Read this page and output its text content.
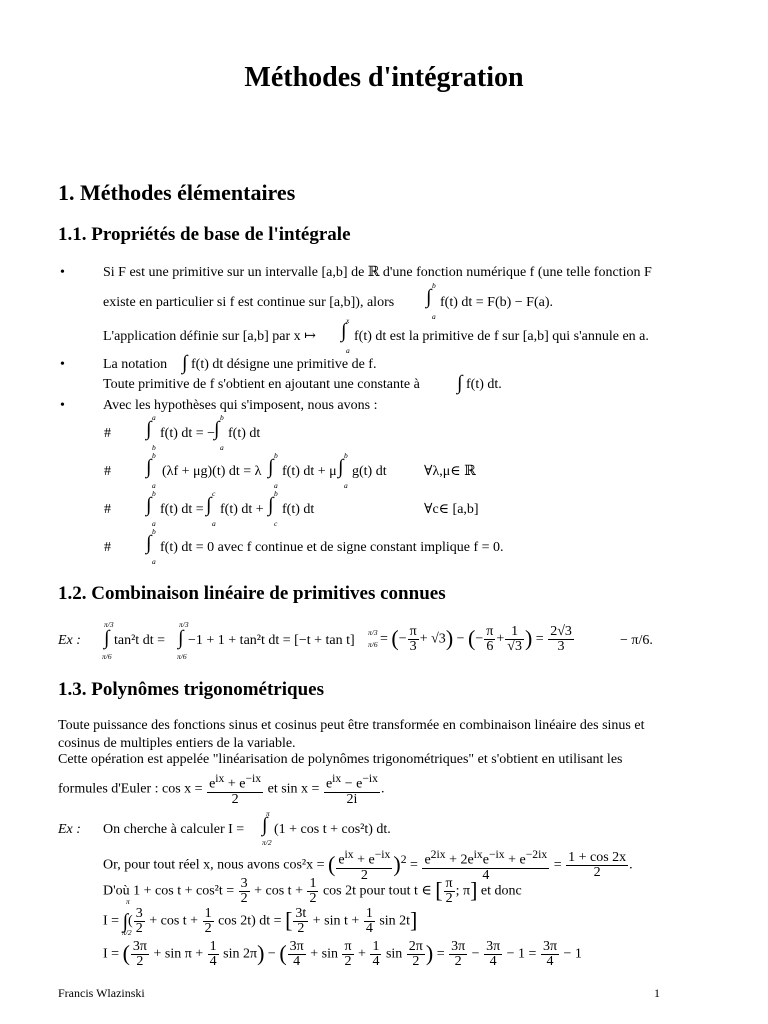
Méthodes d'intégration
1. Méthodes élémentaires
1.1. Propriétés de base de l'intégrale
•	Si F est une primitive sur un intervalle [a,b] de ℝ d'une fonction numérique f (une telle fonction F
existe en particulier si f est continue sur [a,b]), alors
b
∫
a
f(t) dt = F(b) − F(a).
L'application définie sur [a,b] par x ↦
x
∫
a
f(t) dt est la primitive de f sur [a,b] qui s'annule en a.
•	La notation ∫ f(t) dt désigne une primitive de f.
Toute primitive de f s'obtient en ajoutant une constante à ∫ f(t) dt.
•	Avec les hypothèses qui s'imposent, nous avons :
#
a
∫
b
f(t) dt = −
b
∫
a
f(t) dt
#
b
∫
a
(λf + μg)(t) dt = λ
b
∫
a
f(t) dt + μ
b
∫
a
g(t) dt	∀λ,μ∈ ℝ
#
b
∫
a
f(t) dt =
c
∫
a
f(t) dt +
b
∫
c
f(t) dt	∀c∈ [a,b]
#
b
∫
a
f(t) dt = 0 avec f continue et de signe constant implique f = 0.
1.2. Combinaison linéaire de primitives connues
Ex :
π/3
∫
π/6
tan²t dt =
π/3
∫
π/6
−1 + 1 + tan²t dt = [−t + tan t]
π/3
π/6 = (− $\frac{\pi}{3} + √3$) − (− $\frac{\pi}{6} + \frac{1}{√3}$ ) = $\frac{2√3}{3}$	− π/6.
1.3. Polynômes trigonométriques
Toute puissance des fonctions sinus et cosinus peut être transformée en combinaison linéaire des sinus et
cosinus de multiples entiers de la variable.
Cette opération est appelée "linéarisation de polynômes trigonométriques" et s'obtient en utilisant les
formules d'Euler : $\cos x = \frac{e^{ix} + e^{-ix}}{2}$ et $\sin x = \frac{e^{ix} - e^{-ix}}{2i}$ .
Ex : On cherche à calculer I =
π
∫
π/2
(1 + cos t + cos²t) dt.
Or, pour tout réel x, nous avons cos²x = ( $\frac{e^{ix} + e^{-ix}}{2} )^2 = \frac{e^{2ix} + 2e^{ix}e^{-ix} + e^{-2ix}}{4} = \frac{1 + \cos 2x}{2}$ .
D'où $1 + \cos t + \cos^2t = \frac{3}{2} + \cos t + \frac{1}{2}$ cos 2t pour tout t ∈ [ $\frac{\pi}{2}$ ; π] et donc
I = ∫( $\frac{3}{2} + \cos t + \frac{1}{2}$ cos 2t) dt = [ $\frac{3t}{2} + \sin t + \frac{1}{4}$ sin 2t]
π
π/2
I = ( $\frac{3\pi}{2} + \sin \pi + \frac{1}{4}$ sin 2π) − ( $\frac{3\pi}{4} + \sin \frac{\pi}{2} + \frac{1}{4}$ $\sin \frac{2\pi}{2}$ ) = $\frac{3\pi}{2} - \frac{3\pi}{4} - 1 = \frac{3\pi}{4} - 1$
Francis Wlazinski	1
